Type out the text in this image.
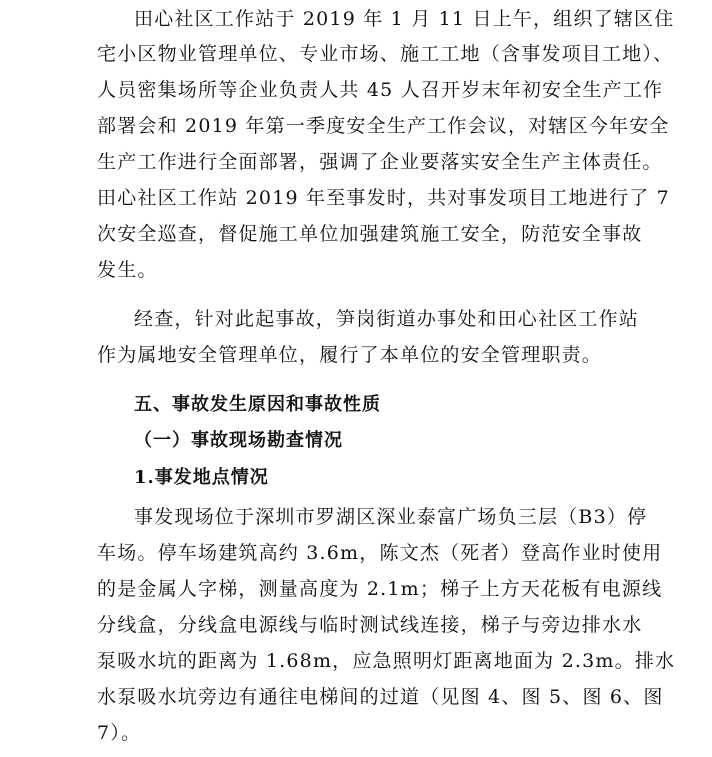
田心社区工作站于 2019 年 1 月 11 日上午，组织了辖区住
宅小区物业管理单位、专业市场、施工工地（含事发项目工地）、
人员密集场所等企业负责人共 45 人召开岁末年初安全生产工作
部署会和 2019 年第一季度安全生产工作会议，对辖区今年安全
生产工作进行全面部署，强调了企业要落实安全生产主体责任。
田心社区工作站 2019 年至事发时，共对事发项目工地进行了 7
次安全巡查，督促施工单位加强建筑施工安全，防范安全事故
发生。
经查，针对此起事故，笋岗街道办事处和田心社区工作站
作为属地安全管理单位，履行了本单位的安全管理职责。
五、事故发生原因和事故性质
（一）事故现场勘查情况
1.事发地点情况
事发现场位于深圳市罗湖区深业泰富广场负三层（B3）停
车场。停车场建筑高约 3.6m，陈文杰（死者）登高作业时使用
的是金属人字梯，测量高度为 2.1m；梯子上方天花板有电源线
分线盒，分线盒电源线与临时测试线连接，梯子与旁边排水水
泵吸水坑的距离为 1.68m，应急照明灯距离地面为 2.3m。排水
水泵吸水坑旁边有通往电梯间的过道（见图 4、图 5、图 6、图
7）。
